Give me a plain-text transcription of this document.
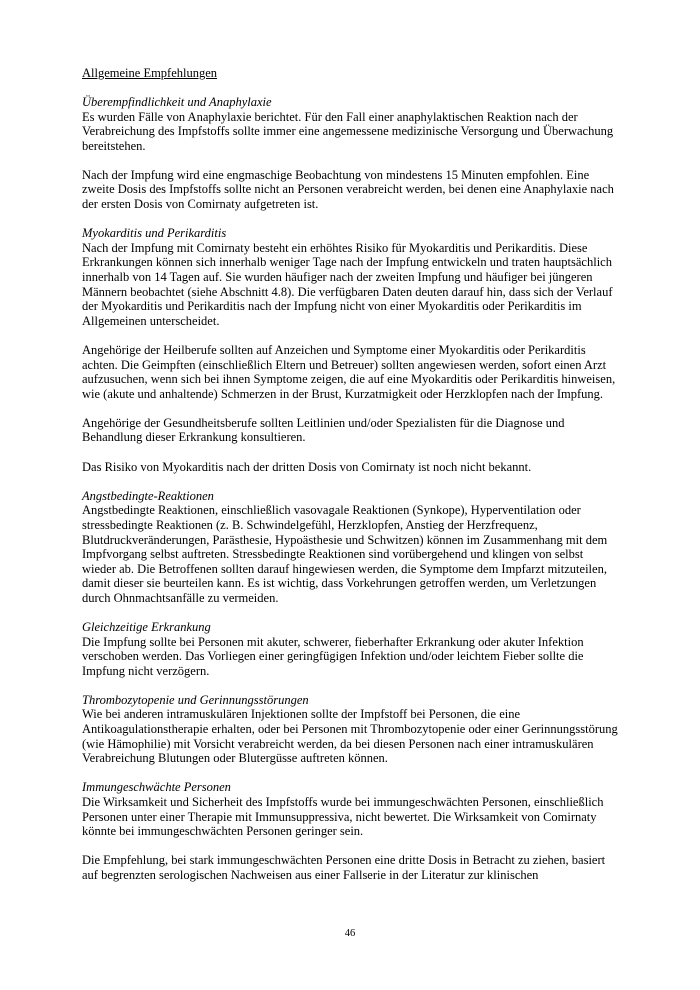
Allgemeine Empfehlungen
Überempfindlichkeit und Anaphylaxie

Es wurden Fälle von Anaphylaxie berichtet. Für den Fall einer anaphylaktischen Reaktion nach der Verabreichung des Impfstoffs sollte immer eine angemessene medizinische Versorgung und Überwachung bereitstehen.

Nach der Impfung wird eine engmaschige Beobachtung von mindestens 15 Minuten empfohlen. Eine zweite Dosis des Impfstoffs sollte nicht an Personen verabreicht werden, bei denen eine Anaphylaxie nach der ersten Dosis von Comirnaty aufgetreten ist.

Myokarditis und Perikarditis

Nach der Impfung mit Comirnaty besteht ein erhöhtes Risiko für Myokarditis und Perikarditis. Diese Erkrankungen können sich innerhalb weniger Tage nach der Impfung entwickeln und traten hauptsächlich innerhalb von 14 Tagen auf. Sie wurden häufiger nach der zweiten Impfung und häufiger bei jüngeren Männern beobachtet (siehe Abschnitt 4.8). Die verfügbaren Daten deuten darauf hin, dass sich der Verlauf der Myokarditis und Perikarditis nach der Impfung nicht von einer Myokarditis oder Perikarditis im Allgemeinen unterscheidet.

Angehörige der Heilberufe sollten auf Anzeichen und Symptome einer Myokarditis oder Perikarditis achten. Die Geimpften (einschließlich Eltern und Betreuer) sollten angewiesen werden, sofort einen Arzt aufzusuchen, wenn sich bei ihnen Symptome zeigen, die auf eine Myokarditis oder Perikarditis hinweisen, wie (akute und anhaltende) Schmerzen in der Brust, Kurzatmigkeit oder Herzklopfen nach der Impfung.

Angehörige der Gesundheitsberufe sollten Leitlinien und/oder Spezialisten für die Diagnose und Behandlung dieser Erkrankung konsultieren.

Das Risiko von Myokarditis nach der dritten Dosis von Comirnaty ist noch nicht bekannt.

Angstbedingte-Reaktionen

Angstbedingte Reaktionen, einschließlich vasovagale Reaktionen (Synkope), Hyperventilation oder stressbedingte Reaktionen (z. B. Schwindelgefühl, Herzklopfen, Anstieg der Herzfrequenz, Blutdruckveränderungen, Parästhesie, Hypoästhesie und Schwitzen) können im Zusammenhang mit dem Impfvorgang selbst auftreten. Stressbedingte Reaktionen sind vorübergehend und klingen von selbst wieder ab. Die Betroffenen sollten darauf hingewiesen werden, die Symptome dem Impfarzt mitzuteilen, damit dieser sie beurteilen kann. Es ist wichtig, dass Vorkehrungen getroffen werden, um Verletzungen durch Ohnmachtsanfälle zu vermeiden.

Gleichzeitige Erkrankung

Die Impfung sollte bei Personen mit akuter, schwerer, fieberhafter Erkrankung oder akuter Infektion verschoben werden. Das Vorliegen einer geringfügigen Infektion und/oder leichtem Fieber sollte die Impfung nicht verzögern.

Thrombozytopenie und Gerinnungsstörungen

Wie bei anderen intramuskulären Injektionen sollte der Impfstoff bei Personen, die eine Antikoagulationstherapie erhalten, oder bei Personen mit Thrombozytopenie oder einer Gerinnungsstörung (wie Hämophilie) mit Vorsicht verabreicht werden, da bei diesen Personen nach einer intramuskulären Verabreichung Blutungen oder Blutergüsse auftreten können.

Immungeschwächte Personen

Die Wirksamkeit und Sicherheit des Impfstoffs wurde bei immungeschwächten Personen, einschließlich Personen unter einer Therapie mit Immunsuppressiva, nicht bewertet. Die Wirksamkeit von Comirnaty könnte bei immungeschwächten Personen geringer sein.

Die Empfehlung, bei stark immungeschwächten Personen eine dritte Dosis in Betracht zu ziehen, basiert auf begrenzten serologischen Nachweisen aus einer Fallserie in der Literatur zur klinischen

46
